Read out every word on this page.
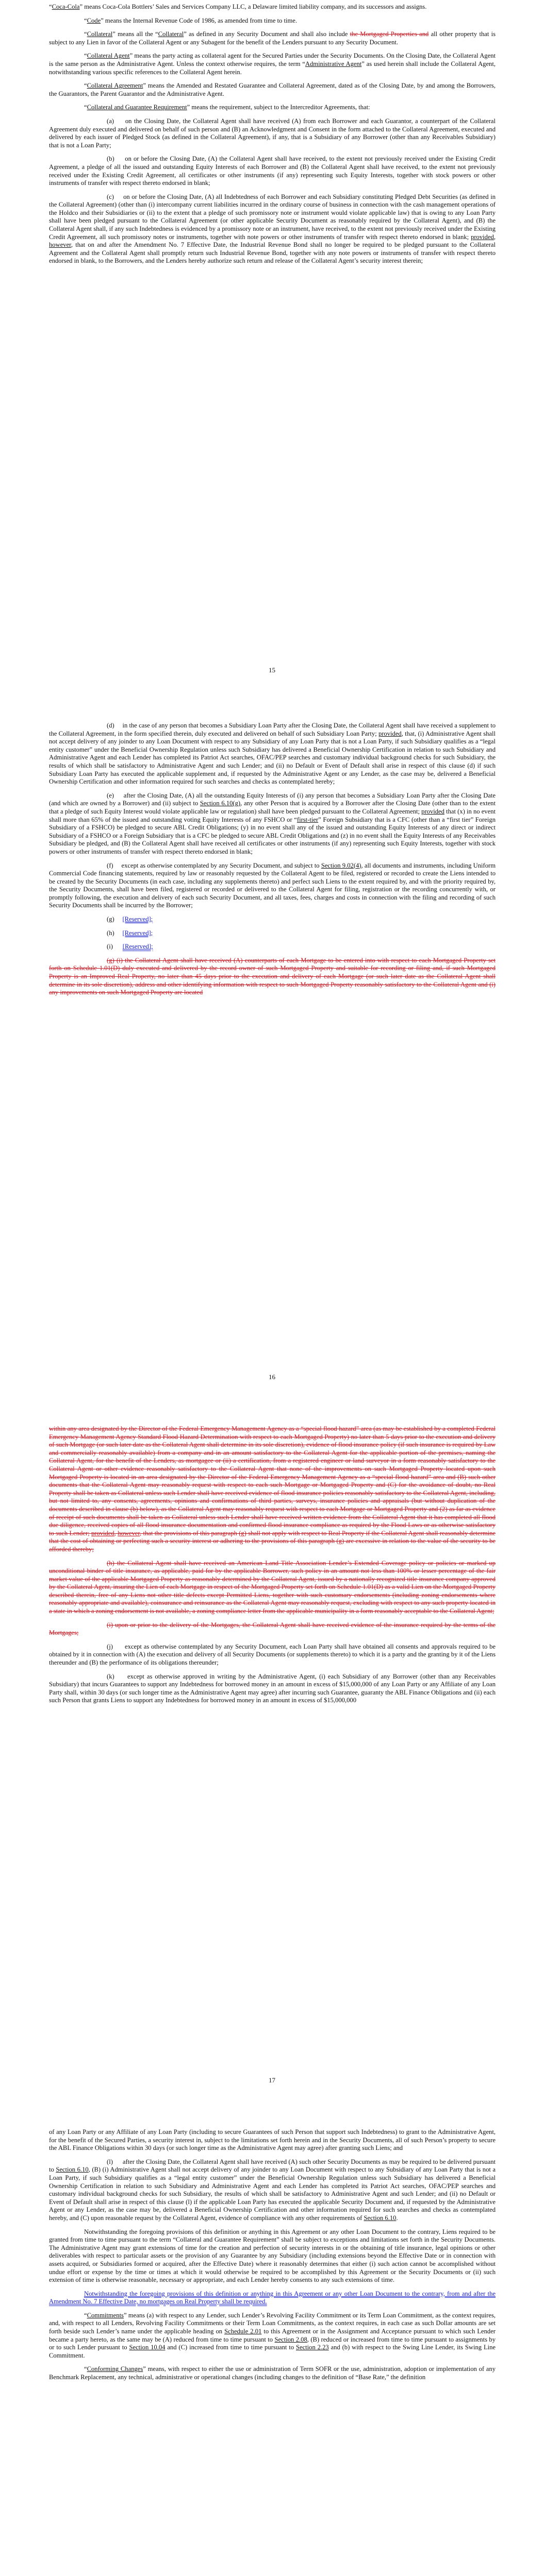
“Coca-Cola” means Coca-Cola Bottlers’ Sales and Services Company LLC, a Delaware limited liability company, and its successors and assigns.

“Code” means the Internal Revenue Code of 1986, as amended from time to time.

“Collateral” means all the “Collateral” as defined in any Security Document and shall also include the Mortgaged Properties and all other property that is subject to any Lien in favor of the Collateral Agent or any Subagent for the benefit of the Lenders pursuant to any Security Document.

“Collateral Agent” means the party acting as collateral agent for the Secured Parties under the Security Documents. On the Closing Date, the Collateral Agent is the same person as the Administrative Agent. Unless the context otherwise requires, the term “Administrative Agent” as used herein shall include the Collateral Agent, notwithstanding various specific references to the Collateral Agent herein.

“Collateral Agreement” means the Amended and Restated Guarantee and Collateral Agreement, dated as of the Closing Date, by and among the Borrowers, the Guarantors, the Parent Guarantor and the Administrative Agent.

“Collateral and Guarantee Requirement” means the requirement, subject to the Intercreditor Agreements, that:

(a)     on the Closing Date, the Collateral Agent shall have received (A) from each Borrower and each Guarantor, a counterpart of the Collateral Agreement duly executed and delivered on behalf of such person and (B) an Acknowledgment and Consent in the form attached to the Collateral Agreement, executed and delivered by each issuer of Pledged Stock (as defined in the Collateral Agreement), if any, that is a Subsidiary of any Borrower (other than any Receivables Subsidiary) that is not a Loan Party;

(b)     on or before the Closing Date, (A) the Collateral Agent shall have received, to the extent not previously received under the Existing Credit Agreement, a pledge of all the issued and outstanding Equity Interests of each Borrower and (B) the Collateral Agent shall have received, to the extent not previously received under the Existing Credit Agreement, all certificates or other instruments (if any) representing such Equity Interests, together with stock powers or other instruments of transfer with respect thereto endorsed in blank;

(c)     on or before the Closing Date, (A) all Indebtedness of each Borrower and each Subsidiary constituting Pledged Debt Securities (as defined in the Collateral Agreement) (other than (i) intercompany current liabilities incurred in the ordinary course of business in connection with the cash management operations of the Holdco and their Subsidiaries or (ii) to the extent that a pledge of such promissory note or instrument would violate applicable law) that is owing to any Loan Party shall have been pledged pursuant to the Collateral Agreement (or other applicable Security Document as reasonably required by the Collateral Agent), and (B) the Collateral Agent shall, if any such Indebtedness is evidenced by a promissory note or an instrument, have received, to the extent not previously received under the Existing Credit Agreement, all such promissory notes or instruments, together with note powers or other instruments of transfer with respect thereto endorsed in blank; provided, however, that on and after the Amendment No. 7 Effective Date, the Industrial Revenue Bond shall no longer be required to be pledged pursuant to the Collateral Agreement and the Collateral Agent shall promptly return such Industrial Revenue Bond, together with any note powers or instruments of transfer with respect thereto endorsed in blank, to the Borrowers, and the Lenders hereby authorize such return and release of the Collateral Agent’s security interest therein;

15

(d)     in the case of any person that becomes a Subsidiary Loan Party after the Closing Date, the Collateral Agent shall have received a supplement to the Collateral Agreement, in the form specified therein, duly executed and delivered on behalf of such Subsidiary Loan Party; provided, that, (i) Administrative Agent shall not accept delivery of any joinder to any Loan Document with respect to any Subsidiary of any Loan Party that is not a Loan Party, if such Subsidiary qualifies as a “legal entity customer” under the Beneficial Ownership Regulation unless such Subsidiary has delivered a Beneficial Ownership Certification in relation to such Subsidiary and Administrative Agent and each Lender has completed its Patriot Act searches, OFAC/PEP searches and customary individual background checks for such Subsidiary, the results of which shall be satisfactory to Administrative Agent and such Lender; and (ii) no Default or Event of Default shall arise in respect of this clause (d) if such Subsidiary Loan Party has executed the applicable supplement and, if requested by the Administrative Agent or any Lender, as the case may be, delivered a Beneficial Ownership Certification and other information required for such searches and checks as contemplated hereby;

(e)     after the Closing Date, (A) all the outstanding Equity Interests of (i) any person that becomes a Subsidiary Loan Party after the Closing Date (and which are owned by a Borrower) and (ii) subject to Section 6.10(g), any other Person that is acquired by a Borrower after the Closing Date (other than to the extent that a pledge of such Equity Interest would violate applicable law or regulation) shall have been pledged pursuant to the Collateral Agreement; provided that (x) in no event shall more than 65% of the issued and outstanding voting Equity Interests of any FSHCO or “first-tier” Foreign Subsidiary that is a CFC (other than a “first tier” Foreign Subsidiary of a FSHCO) be pledged to secure ABL Credit Obligations; (y) in no event shall any of the issued and outstanding Equity Interests of any direct or indirect Subsidiary of a FSHCO or a Foreign Subsidiary that is a CFC be pledged to secure ABL Credit Obligations and (z) in no event shall the Equity Interests of any Receivables Subsidiary be pledged, and (B) the Collateral Agent shall have received all certificates or other instruments (if any) representing such Equity Interests, together with stock powers or other instruments of transfer with respect thereto endorsed in blank;

(f)     except as otherwise contemplated by any Security Document, and subject to Section 9.02(4), all documents and instruments, including Uniform Commercial Code financing statements, required by law or reasonably requested by the Collateral Agent to be filed, registered or recorded to create the Liens intended to be created by the Security Documents (in each case, including any supplements thereto) and perfect such Liens to the extent required by, and with the priority required by, the Security Documents, shall have been filed, registered or recorded or delivered to the Collateral Agent for filing, registration or the recording concurrently with, or promptly following, the execution and delivery of each such Security Document, and all taxes, fees, charges and costs in connection with the filing and recording of such Security Documents shall be incurred by the Borrower;

(g)     [Reserved];

(h)     [Reserved];

(i)      [Reserved];

(g) (i) the Collateral Agent shall have received (A) counterparts of each Mortgage to be entered into with respect to each Mortgaged Property set forth on Schedule 1.01(D) duly executed and delivered by the record owner of such Mortgaged Property and suitable for recording or filing and, if such Mortgaged Property is an Improved Real Property, no later than 45 days prior to the execution and delivery of each Mortgage (or such later date as the Collateral Agent shall determine in its sole discretion), address and other identifying information with respect to such Mortgaged Property reasonably satisfactory to the Collateral Agent and (i) any improvements on such Mortgaged Property are located

16

within any area designated by the Director of the Federal Emergency Management Agency as a “special flood hazard” area (as may be established by a completed Federal Emergency Management Agency Standard Flood Hazard Determination with respect to each Mortgaged Property) no later than 5 days prior to the execution and delivery of such Mortgage (or such later date as the Collateral Agent shall determine in its sole discretion), evidence of flood insurance policy (if such insurance is required by Law and commercially reasonably available) from a company and in an amount satisfactory to the Collateral Agent for the applicable portion of the premises, naming the Collateral Agent, for the benefit of the Lenders, as mortgagee or (ii) a certification, from a registered engineer or land surveyor in a form reasonably satisfactory to the Collateral Agent or other evidence reasonably satisfactory to the Collateral Agent that none of the improvements on such Mortgaged Property located upon such Mortgaged Property is located in an area designated by the Director of the Federal Emergency Management Agency as a “special flood hazard” area and (B) such other documents that the Collateral Agent may reasonably request with respect to each such Mortgage or Mortgaged Property and (C) for the avoidance of doubt, no Real Property shall be taken as Collateral unless such Lender shall have received evidence of flood insurance policies reasonably satisfactory to the Collateral Agent, including, but not limited to, any consents, agreements, opinions and confirmations of third parties, surveys, insurance policies and appraisals (but without duplication of the documents described in clause (b) below), as the Collateral Agent may reasonably request with respect to each Mortgage or Mortgaged Property and (2) as far as evidence of receipt of such documents shall be taken as Collateral unless such Lender shall have received written evidence from the Collateral Agent that it has completed all flood due diligence, received copies of all flood insurance documentation and confirmed flood insurance compliance as required by the Flood Laws or as otherwise satisfactory to such Lender; provided, however, that the provisions of this paragraph (g) shall not apply with respect to Real Property if the Collateral Agent shall reasonably determine that the cost of obtaining or perfecting such a security interest or adhering to the provisions of this paragraph (g) are excessive in relation to the value of the security to be afforded thereby;

(h) the Collateral Agent shall have received an American Land Title Association Lender’s Extended Coverage policy or policies or marked up unconditional binder of title insurance, as applicable, paid for by the applicable Borrower, such policy in an amount not less than 100% or lesser percentage of the fair market value of the applicable Mortgaged Property as reasonably determined by the Collateral Agent, issued by a nationally recognized title insurance company approved by the Collateral Agent, insuring the Lien of each Mortgage in respect of the Mortgaged Property set forth on Schedule 1.01(D) as a valid Lien on the Mortgaged Property described therein, free of any Liens not other title defects except Permitted Liens, together with such customary endorsements (including zoning endorsements where reasonably appropriate and available), coinsurance and reinsurance as the Collateral Agent may reasonably request, excluding with respect to any such property located in a state in which a zoning endorsement is not available, a zoning compliance letter from the applicable municipality in a form reasonably acceptable to the Collateral Agent;

(i) upon or prior to the delivery of the Mortgages, the Collateral Agent shall have received evidence of the insurance required by the terms of the Mortgages;

(j)      except as otherwise contemplated by any Security Document, each Loan Party shall have obtained all consents and approvals required to be obtained by it in connection with (A) the execution and delivery of all Security Documents (or supplements thereto) to which it is a party and the granting by it of the Liens thereunder and (B) the performance of its obligations thereunder;

(k)     except as otherwise approved in writing by the Administrative Agent, (i) each Subsidiary of any Borrower (other than any Receivables Subsidiary) that incurs Guarantees to support any Indebtedness for borrowed money in an amount in excess of $15,000,000 of any Loan Party or any Affiliate of any Loan Party shall, within 30 days (or such longer time as the Administrative Agent may agree) after incurring such Guarantee, guaranty the ABL Finance Obligations and (ii) each such Person that grants Liens to support any Indebtedness for borrowed money in an amount in excess of $15,000,000

17

of any Loan Party or any Affiliate of any Loan Party (including to secure Guarantees of such Person that support such Indebtedness) to grant to the Administrative Agent, for the benefit of the Secured Parties, a security interest in, subject to the limitations set forth herein and in the Security Documents, all of such Person’s property to secure the ABL Finance Obligations within 30 days (or such longer time as the Administrative Agent may agree) after granting such Liens; and

(l)      after the Closing Date, the Collateral Agent shall have received (A) such other Security Documents as may be required to be delivered pursuant to Section 6.10, (B) (i) Administrative Agent shall not accept delivery of any joinder to any Loan Document with respect to any Subsidiary of any Loan Party that is not a Loan Party, if such Subsidiary qualifies as a “legal entity customer” under the Beneficial Ownership Regulation unless such Subsidiary has delivered a Beneficial Ownership Certification in relation to such Subsidiary and Administrative Agent and each Lender has completed its Patriot Act searches, OFAC/PEP searches and customary individual background checks for such Subsidiary, the results of which shall be satisfactory to Administrative Agent and such Lender; and (ii) no Default or Event of Default shall arise in respect of this clause (l) if the applicable Loan Party has executed the applicable Security Document and, if requested by the Administrative Agent or any Lender, as the case may be, delivered a Beneficial Ownership Certification and other information required for such searches and checks as contemplated hereby, and (C) upon reasonable request by the Collateral Agent, evidence of compliance with any other requirements of Section 6.10.

Notwithstanding the foregoing provisions of this definition or anything in this Agreement or any other Loan Document to the contrary, Liens required to be granted from time to time pursuant to the term “Collateral and Guarantee Requirement” shall be subject to exceptions and limitations set forth in the Security Documents. The Administrative Agent may grant extensions of time for the creation and perfection of security interests in or the obtaining of title insurance, legal opinions or other deliverables with respect to particular assets or the provision of any Guarantee by any Subsidiary (including extensions beyond the Effective Date or in connection with assets acquired, or Subsidiaries formed or acquired, after the Effective Date) where it reasonably determines that either (i) such action cannot be accomplished without undue effort or expense by the time or times at which it would otherwise be required to be accomplished by this Agreement or the Security Documents or (ii) such extension of time is otherwise reasonable, necessary or appropriate, and each Lender hereby consents to any such extensions of time.

Notwithstanding the foregoing provisions of this definition or anything in this Agreement or any other Loan Document to the contrary, from and after the Amendment No. 7 Effective Date, no mortgages on Real Property shall be required.

“Commitments” means (a) with respect to any Lender, such Lender’s Revolving Facility Commitment or its Term Loan Commitment, as the context requires, and, with respect to all Lenders, Revolving Facility Commitments or their Term Loan Commitments, as the context requires, in each case as such Dollar amounts are set forth beside such Lender’s name under the applicable heading on Schedule 2.01 to this Agreement or in the Assignment and Acceptance pursuant to which such Lender became a party hereto, as the same may be (A) reduced from time to time pursuant to Section 2.08, (B) reduced or increased from time to time pursuant to assignments by or to such Lender pursuant to Section 10.04 and (C) increased from time to time pursuant to Section 2.23 and (b) with respect to the Swing Line Lender, its Swing Line Commitment.

“Conforming Changes” means, with respect to either the use or administration of Term SOFR or the use, administration, adoption or implementation of any Benchmark Replacement, any technical, administrative or operational changes (including changes to the definition of “Base Rate,” the definition
